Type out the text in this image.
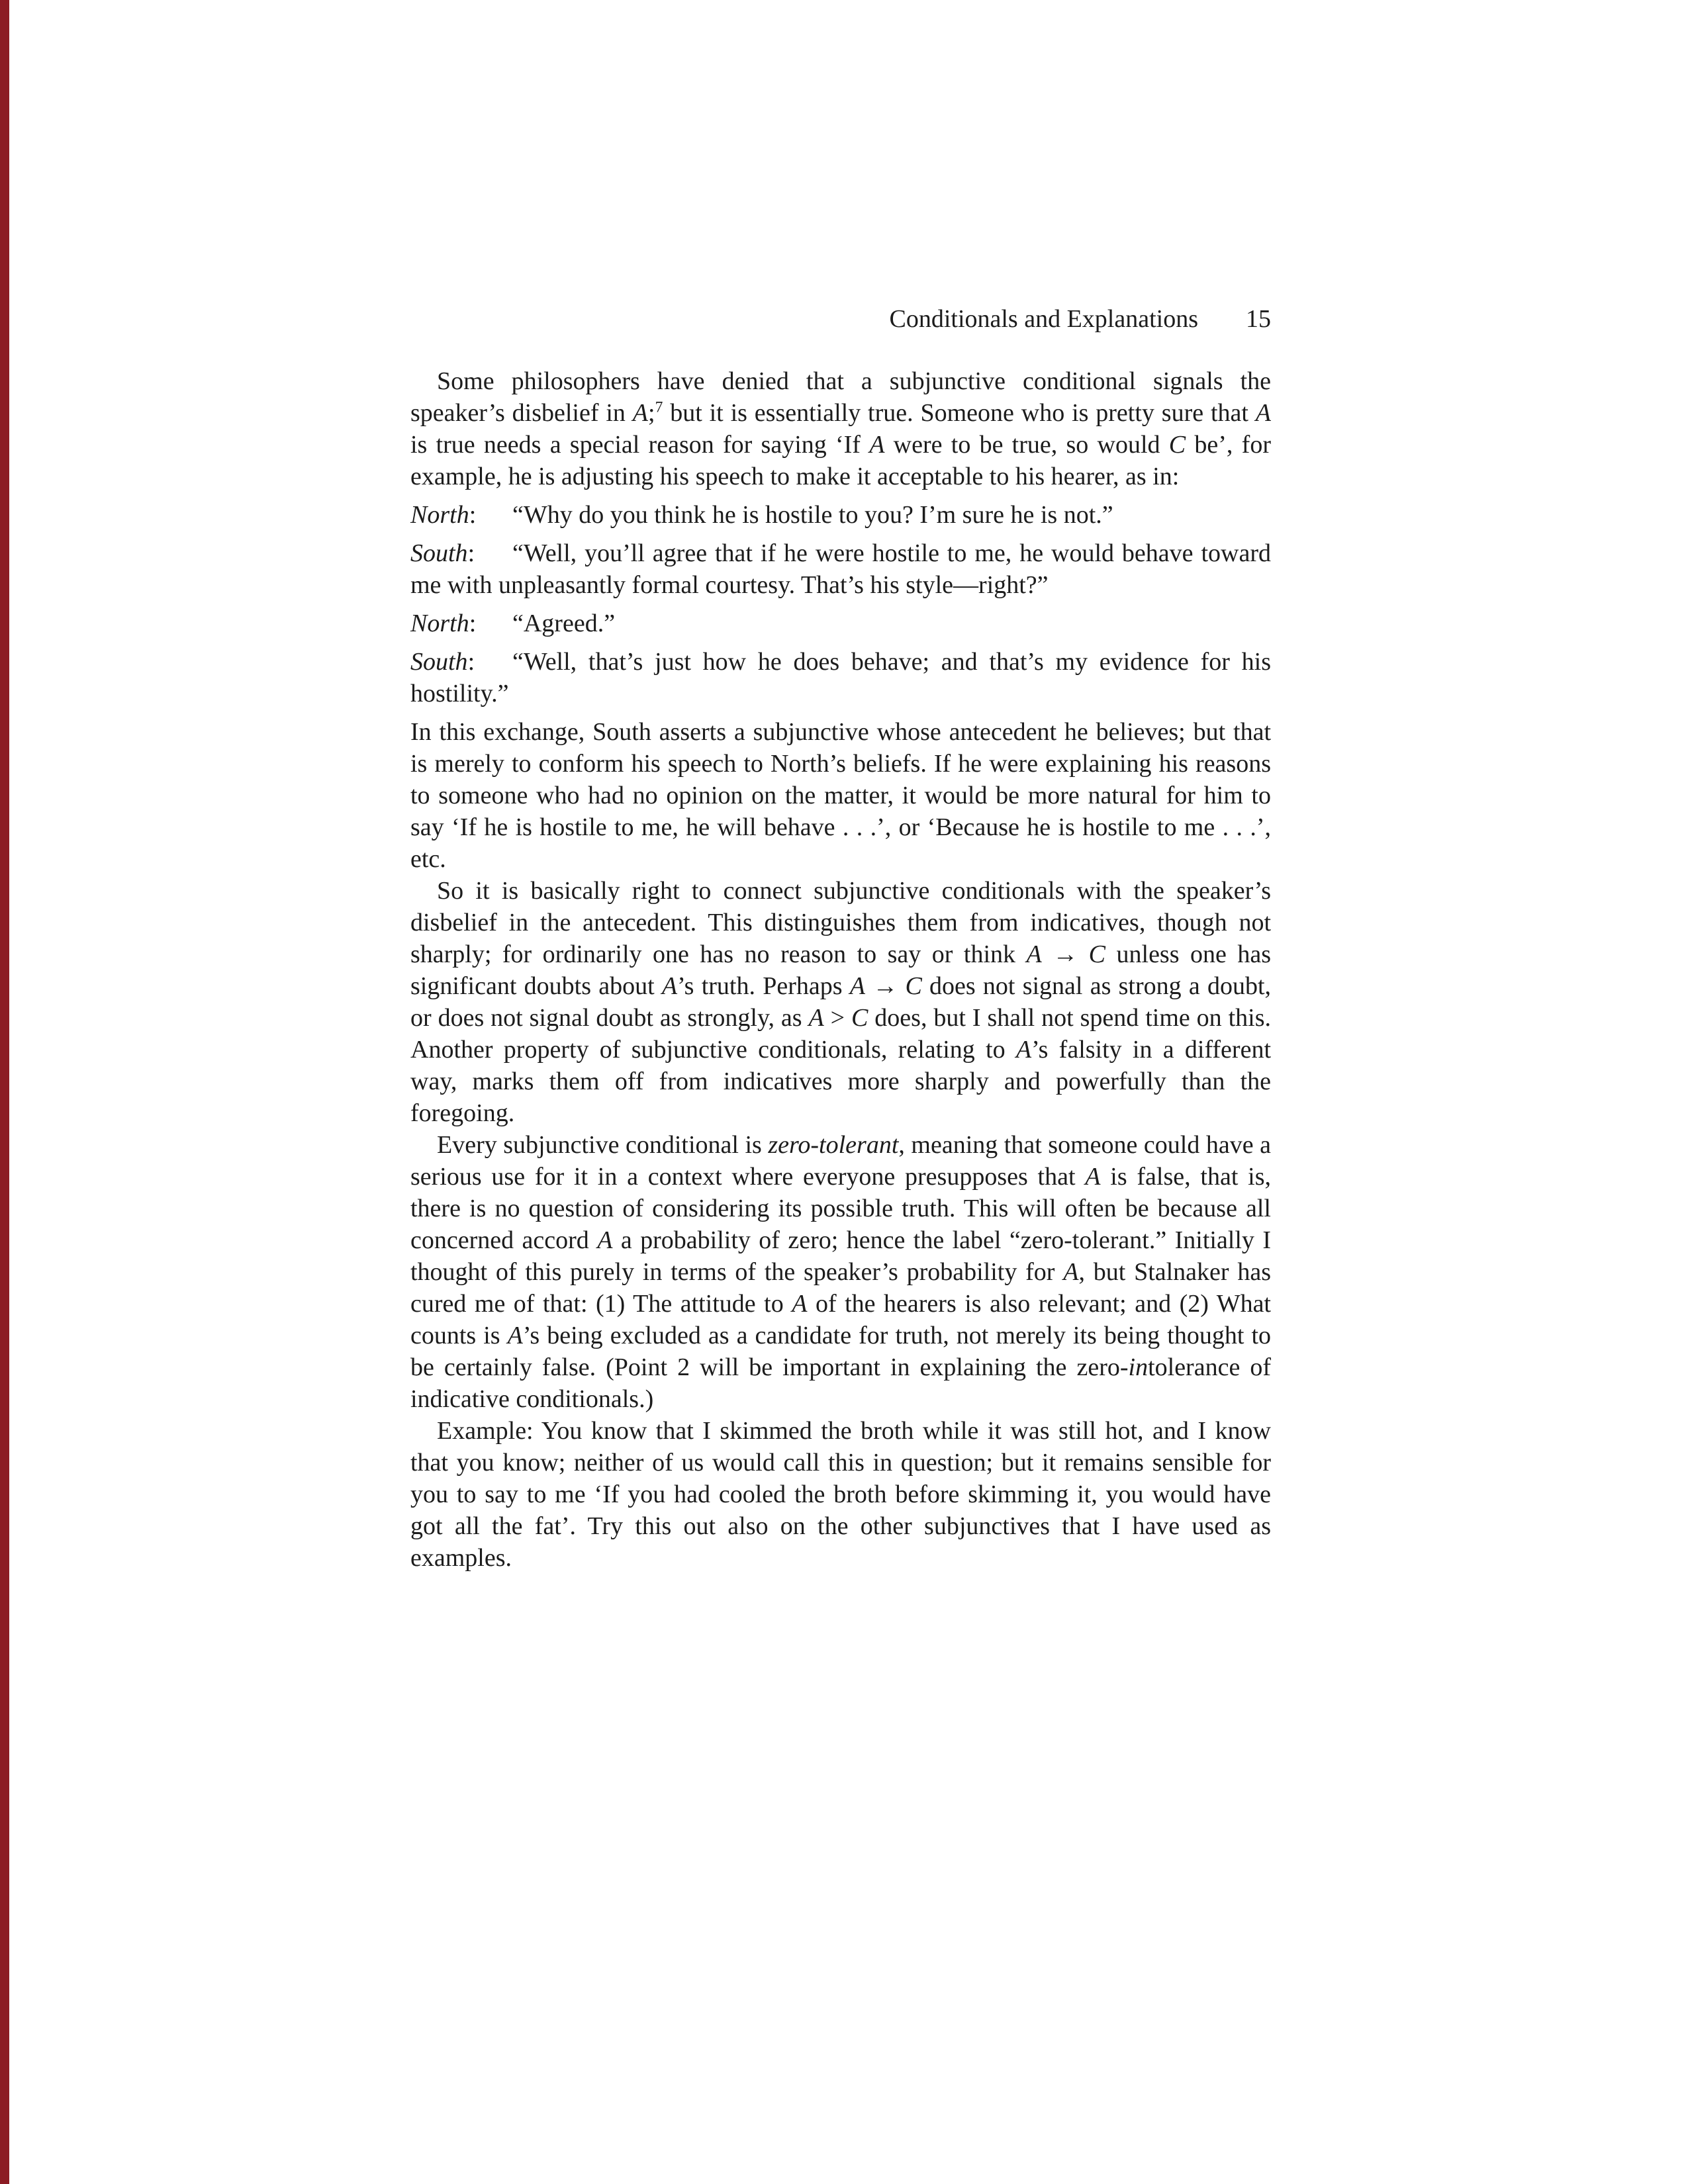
Conditionals and Explanations 15

Some philosophers have denied that a subjunctive conditional signals the speaker’s disbelief in A;$^7$ but it is essentially true. Someone who is pretty sure that A is true needs a special reason for saying ‘If A were to be true, so would C be’, for example, he is adjusting his speech to make it acceptable to his hearer, as in:

North: “Why do you think he is hostile to you? I’m sure he is not.”

South: “Well, you’ll agree that if he were hostile to me, he would behave toward me with unpleasantly formal courtesy. That’s his style—right?”

North: “Agreed.”

South: “Well, that’s just how he does behave; and that’s my evidence for his hostility.”

In this exchange, South asserts a subjunctive whose antecedent he believes; but that is merely to conform his speech to North’s beliefs. If he were explaining his reasons to someone who had no opinion on the matter, it would be more natural for him to say ‘If he is hostile to me, he will behave . . .’, or ‘Because he is hostile to me . . .’, etc.

So it is basically right to connect subjunctive conditionals with the speaker’s disbelief in the antecedent. This distinguishes them from indicatives, though not sharply; for ordinarily one has no reason to say or think A → C unless one has significant doubts about A’s truth. Perhaps A → C does not signal as strong a doubt, or does not signal doubt as strongly, as A > C does, but I shall not spend time on this. Another property of subjunctive conditionals, relating to A’s falsity in a different way, marks them off from indicatives more sharply and powerfully than the foregoing.

Every subjunctive conditional is zero-tolerant, meaning that someone could have a serious use for it in a context where everyone presupposes that A is false, that is, there is no question of considering its possible truth. This will often be because all concerned accord A a probability of zero; hence the label “zero-tolerant.” Initially I thought of this purely in terms of the speaker’s probability for A, but Stalnaker has cured me of that: (1) The attitude to A of the hearers is also relevant; and (2) What counts is A’s being excluded as a candidate for truth, not merely its being thought to be certainly false. (Point 2 will be important in explaining the zero-intolerance of indicative conditionals.)

Example: You know that I skimmed the broth while it was still hot, and I know that you know; neither of us would call this in question; but it remains sensible for you to say to me ‘If you had cooled the broth before skimming it, you would have got all the fat’. Try this out also on the other subjunctives that I have used as examples.
